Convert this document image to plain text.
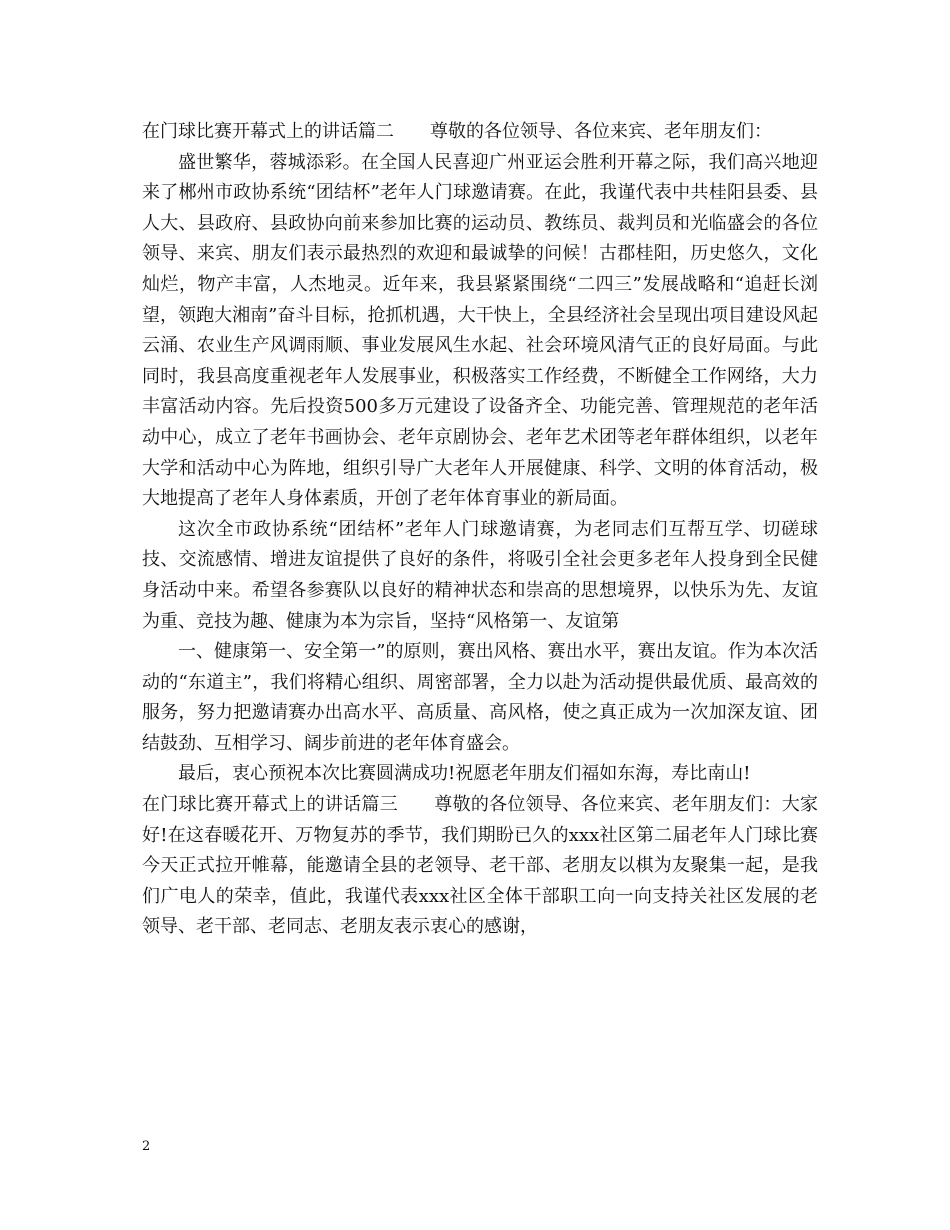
在门球比赛开幕式上的讲话篇二 尊敬的各位领导、各位来宾、老年朋友们：

盛世繁华，蓉城添彩。在全国人民喜迎广州亚运会胜利开幕之际，我们高兴地迎来了郴州市政协系统“团结杯”老年人门球邀请赛。在此，我谨代表中共桂阳县委、县人大、县政府、县政协向前来参加比赛的运动员、教练员、裁判员和光临盛会的各位领导、来宾、朋友们表示最热烈的欢迎和最诚挚的问候！古郡桂阳，历史悠久，文化灿烂，物产丰富，人杰地灵。近年来，我县紧紧围绕“二四三”发展战略和“追赶长浏望，领跑大湘南”奋斗目标，抢抓机遇，大干快上，全县经济社会呈现出项目建设风起云涌、农业生产风调雨顺、事业发展风生水起、社会环境风清气正的良好局面。与此同时，我县高度重视老年人发展事业，积极落实工作经费，不断健全工作网络，大力丰富活动内容。先后投资500多万元建设了设备齐全、功能完善、管理规范的老年活动中心，成立了老年书画协会、老年京剧协会、老年艺术团等老年群体组织，以老年大学和活动中心为阵地，组织引导广大老年人开展健康、科学、文明的体育活动，极大地提高了老年人身体素质，开创了老年体育事业的新局面。

这次全市政协系统“团结杯”老年人门球邀请赛，为老同志们互帮互学、切磋球技、交流感情、增进友谊提供了良好的条件，将吸引全社会更多老年人投身到全民健身活动中来。希望各参赛队以良好的精神状态和崇高的思想境界，以快乐为先、友谊为重、竞技为趣、健康为本为宗旨，坚持“风格第一、友谊第

一、健康第一、安全第一”的原则，赛出风格、赛出水平，赛出友谊。作为本次活动的“东道主”，我们将精心组织、周密部署，全力以赴为活动提供最优质、最高效的服务，努力把邀请赛办出高水平、高质量、高风格，使之真正成为一次加深友谊、团结鼓劲、互相学习、阔步前进的老年体育盛会。

最后，衷心预祝本次比赛圆满成功!祝愿老年朋友们福如东海，寿比南山!

在门球比赛开幕式上的讲话篇三 尊敬的各位领导、各位来宾、老年朋友们：大家好!在这春暖花开、万物复苏的季节，我们期盼已久的xxx社区第二届老年人门球比赛今天正式拉开帷幕，能邀请全县的老领导、老干部、老朋友以棋为友聚集一起，是我们广电人的荣幸，值此，我谨代表xxx社区全体干部职工向一向支持关社区发展的老领导、老干部、老同志、老朋友表示衷心的感谢，

2
